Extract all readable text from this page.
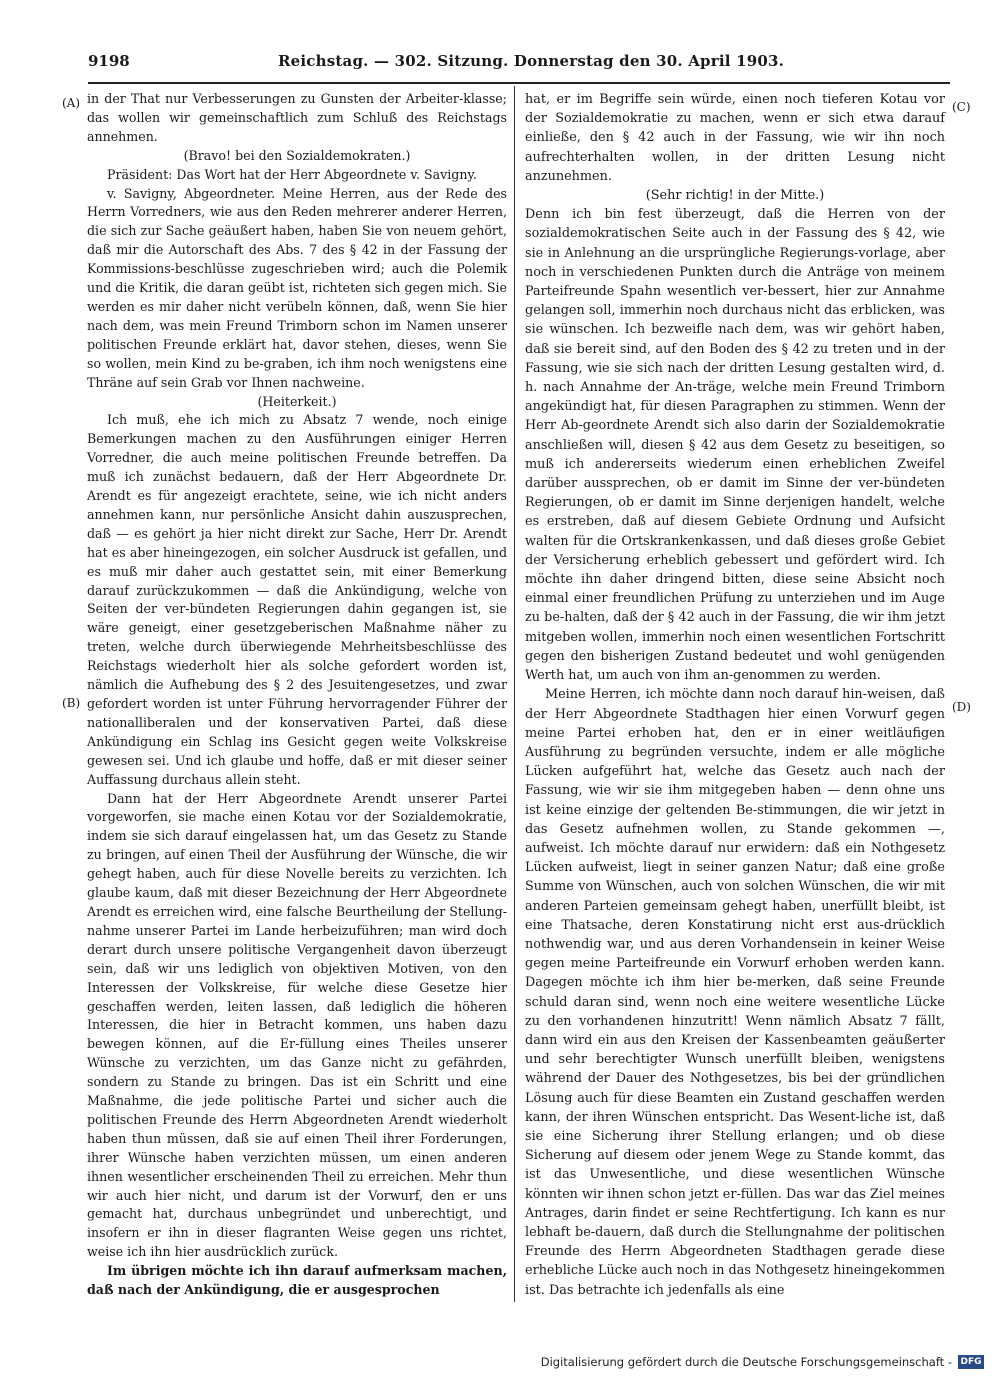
9198	Reichstag. — 302. Sitzung. Donnerstag den 30. April 1903.
(A)
(B)
(C)
(D)

in der That nur Verbesserungen zu Gunsten der Arbeiter-klasse; das wollen wir gemeinschaftlich zum Schluß des Reichstags annehmen.

(Bravo! bei den Sozialdemokraten.)

Präsident: Das Wort hat der Herr Abgeordnete v. Savigny.

v. Savigny, Abgeordneter. Meine Herren, aus der Rede des Herrn Vorredners, wie aus den Reden mehrerer anderer Herren, die sich zur Sache geäußert haben, haben Sie von neuem gehört, daß mir die Autorschaft des Abs. 7 des § 42 in der Fassung der Kommissions-beschlüsse zugeschrieben wird; auch die Polemik und die Kritik, die daran geübt ist, richteten sich gegen mich. Sie werden es mir daher nicht verübeln können, daß, wenn Sie hier nach dem, was mein Freund Trimborn schon im Namen unserer politischen Freunde erklärt hat, davor stehen, dieses, wenn Sie so wollen, mein Kind zu be-graben, ich ihm noch wenigstens eine Thräne auf sein Grab vor Ihnen nachweine.

(Heiterkeit.)

Ich muß, ehe ich mich zu Absatz 7 wende, noch einige Bemerkungen machen zu den Ausführungen einiger Herren Vorredner, die auch meine politischen Freunde betreffen. Da muß ich zunächst bedauern, daß der Herr Abgeordnete Dr. Arendt es für angezeigt erachtete, seine, wie ich nicht anders annehmen kann, nur persönliche Ansicht dahin auszusprechen, daß — es gehört ja hier nicht direkt zur Sache, Herr Dr. Arendt hat es aber hineingezogen, ein solcher Ausdruck ist gefallen, und es muß mir daher auch gestattet sein, mit einer Bemerkung darauf zurückzukommen — daß die Ankündigung, welche von Seiten der ver-bündeten Regierungen dahin gegangen ist, sie wäre geneigt, einer gesetzgeberischen Maßnahme näher zu treten, welche durch überwiegende Mehrheitsbeschlüsse des Reichstags wiederholt hier als solche gefordert worden ist, nämlich die Aufhebung des § 2 des Jesuitengesetzes, und zwar gefordert worden ist unter Führung hervorragender Führer der nationalliberalen und der konservativen Partei, daß diese Ankündigung ein Schlag ins Gesicht gegen weite Volkskreise gewesen sei. Und ich glaube und hoffe, daß er mit dieser seiner Auffassung durchaus allein steht.

Dann hat der Herr Abgeordnete Arendt unserer Partei vorgeworfen, sie mache einen Kotau vor der Sozialdemokratie, indem sie sich darauf eingelassen hat, um das Gesetz zu Stande zu bringen, auf einen Theil der Ausführung der Wünsche, die wir gehegt haben, auch für diese Novelle bereits zu verzichten. Ich glaube kaum, daß mit dieser Bezeichnung der Herr Abgeordnete Arendt es erreichen wird, eine falsche Beurtheilung der Stellung-nahme unserer Partei im Lande herbeizuführen; man wird doch derart durch unsere politische Vergangenheit davon überzeugt sein, daß wir uns lediglich von objektiven Motiven, von den Interessen der Volkskreise, für welche diese Gesetze hier geschaffen werden, leiten lassen, daß lediglich die höheren Interessen, die hier in Betracht kommen, uns haben dazu bewegen können, auf die Er-füllung eines Theiles unserer Wünsche zu verzichten, um das Ganze nicht zu gefährden, sondern zu Stande zu bringen. Das ist ein Schritt und eine Maßnahme, die jede politische Partei und sicher auch die politischen Freunde des Herrn Abgeordneten Arendt wiederholt haben thun müssen, daß sie auf einen Theil ihrer Forderungen, ihrer Wünsche haben verzichten müssen, um einen anderen ihnen wesentlicher erscheinenden Theil zu erreichen. Mehr thun wir auch hier nicht, und darum ist der Vorwurf, den er uns gemacht hat, durchaus unbegründet und unberechtigt, und insofern er ihn in dieser flagranten Weise gegen uns richtet, weise ich ihn hier ausdrücklich zurück.

Im übrigen möchte ich ihn darauf aufmerksam machen, daß nach der Ankündigung, die er ausgesprochen

hat, er im Begriffe sein würde, einen noch tieferen Kotau vor der Sozialdemokratie zu machen, wenn er sich etwa darauf einließe, den § 42 auch in der Fassung, wie wir ihn noch aufrechterhalten wollen, in der dritten Lesung nicht anzunehmen.

(Sehr richtig! in der Mitte.)

Denn ich bin fest überzeugt, daß die Herren von der sozialdemokratischen Seite auch in der Fassung des § 42, wie sie in Anlehnung an die ursprüngliche Regierungs-vorlage, aber noch in verschiedenen Punkten durch die Anträge von meinem Parteifreunde Spahn wesentlich ver-bessert, hier zur Annahme gelangen soll, immerhin noch durchaus nicht das erblicken, was sie wünschen. Ich bezweifle nach dem, was wir gehört haben, daß sie bereit sind, auf den Boden des § 42 zu treten und in der Fassung, wie sie sich nach der dritten Lesung gestalten wird, d. h. nach Annahme der An-träge, welche mein Freund Trimborn angekündigt hat, für diesen Paragraphen zu stimmen. Wenn der Herr Ab-geordnete Arendt sich also darin der Sozialdemokratie anschließen will, diesen § 42 aus dem Gesetz zu beseitigen, so muß ich andererseits wiederum einen erheblichen Zweifel darüber aussprechen, ob er damit im Sinne der ver-bündeten Regierungen, ob er damit im Sinne derjenigen handelt, welche es erstreben, daß auf diesem Gebiete Ordnung und Aufsicht walten für die Ortskrankenkassen, und daß dieses große Gebiet der Versicherung erheblich gebessert und gefördert wird. Ich möchte ihn daher dringend bitten, diese seine Absicht noch einmal einer freundlichen Prüfung zu unterziehen und im Auge zu be-halten, daß der § 42 auch in der Fassung, die wir ihm jetzt mitgeben wollen, immerhin noch einen wesentlichen Fortschritt gegen den bisherigen Zustand bedeutet und wohl genügenden Werth hat, um auch von ihm an-genommen zu werden.

Meine Herren, ich möchte dann noch darauf hin-weisen, daß der Herr Abgeordnete Stadthagen hier einen Vorwurf gegen meine Partei erhoben hat, den er in einer weitläufigen Ausführung zu begründen versuchte, indem er alle mögliche Lücken aufgeführt hat, welche das Gesetz auch nach der Fassung, wie wir sie ihm mitgegeben haben — denn ohne uns ist keine einzige der geltenden Be-stimmungen, die wir jetzt in das Gesetz aufnehmen wollen, zu Stande gekommen —, aufweist. Ich möchte darauf nur erwidern: daß ein Nothgesetz Lücken aufweist, liegt in seiner ganzen Natur; daß eine große Summe von Wünschen, auch von solchen Wünschen, die wir mit anderen Parteien gemeinsam gehegt haben, unerfüllt bleibt, ist eine Thatsache, deren Konstatirung nicht erst aus-drücklich nothwendig war, und aus deren Vorhandensein in keiner Weise gegen meine Parteifreunde ein Vorwurf erhoben werden kann. Dagegen möchte ich ihm hier be-merken, daß seine Freunde schuld daran sind, wenn noch eine weitere wesentliche Lücke zu den vorhandenen hinzutritt! Wenn nämlich Absatz 7 fällt, dann wird ein aus den Kreisen der Kassenbeamten geäußerter und sehr berechtigter Wunsch unerfüllt bleiben, wenigstens während der Dauer des Nothgesetzes, bis bei der gründlichen Lösung auch für diese Beamten ein Zustand geschaffen werden kann, der ihren Wünschen entspricht. Das Wesent-liche ist, daß sie eine Sicherung ihrer Stellung erlangen; und ob diese Sicherung auf diesem oder jenem Wege zu Stande kommt, das ist das Unwesentliche, und diese wesentlichen Wünsche könnten wir ihnen schon jetzt er-füllen. Das war das Ziel meines Antrages, darin findet er seine Rechtfertigung. Ich kann es nur lebhaft be-dauern, daß durch die Stellungnahme der politischen Freunde des Herrn Abgeordneten Stadthagen gerade diese erhebliche Lücke auch noch in das Nothgesetz hineingekommen ist. Das betrachte ich jedenfalls als eine

Digitalisierung gefördert durch die Deutsche Forschungsgemeinschaft - DFG
